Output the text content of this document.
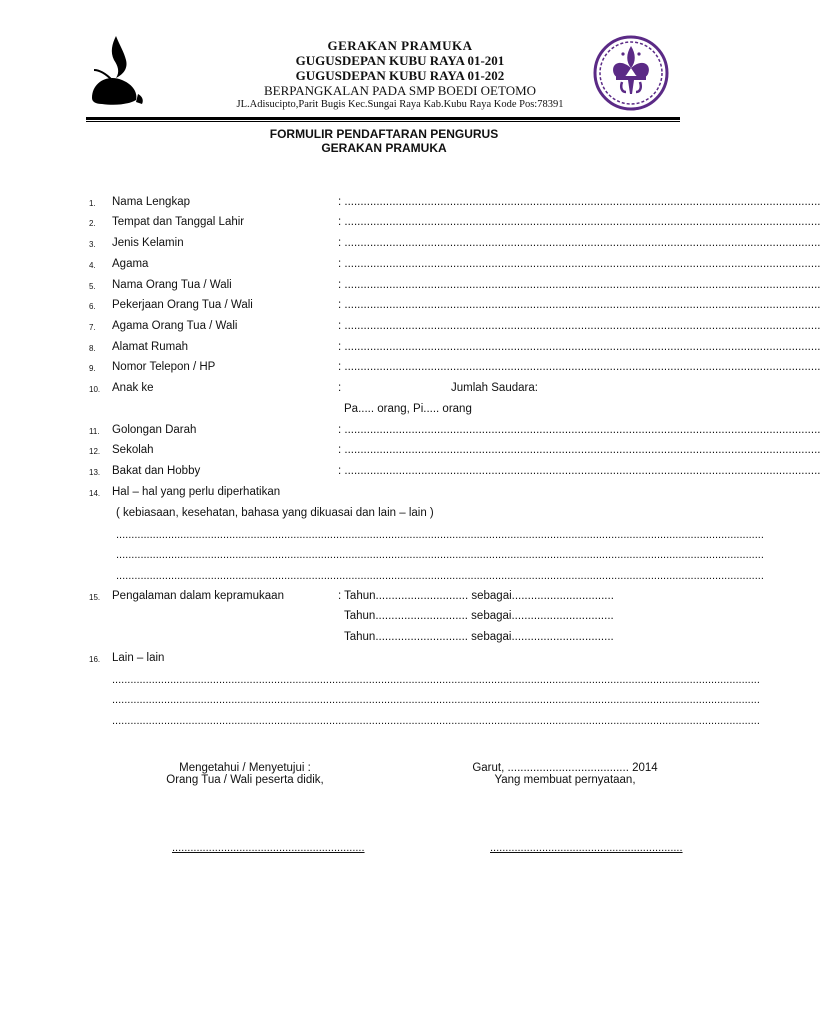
GERAKAN PRAMUKA
GUGUSDEPAN KUBU RAYA 01-201
GUGUSDEPAN KUBU RAYA 01-202
BERPANGKALAN PADA SMP BOEDI OETOMO
JL.Adisucipto,Parit Bugis Kec.Sungai Raya Kab.Kubu Raya Kode Pos:78391
FORMULIR PENDAFTARAN PENGURUS
GERAKAN PRAMUKA
1. Nama Lengkap	: .....................................................................................................................................................
2. Tempat dan Tanggal Lahir	: .....................................................................................................................................................
3. Jenis Kelamin	: .....................................................................................................................................................
4. Agama	: .....................................................................................................................................................
5. Nama Orang Tua / Wali	: .....................................................................................................................................................
6. Pekerjaan Orang Tua / Wali	: .....................................................................................................................................................
7. Agama Orang Tua / Wali	: .....................................................................................................................................................
8. Alamat Rumah	: .....................................................................................................................................................
9. Nomor Telepon / HP	: .....................................................................................................................................................
10. Anak ke	:	Jumlah Saudara:
Pa..... orang, Pi..... orang
11. Golongan Darah	: .....................................................................................................................................................
12. Sekolah	: .....................................................................................................................................................
13. Bakat dan Hobby	: .....................................................................................................................................................
14. Hal – hal yang perlu diperhatikan
( kebiasaan, kesehatan, bahasa yang dikuasai dan lain – lain )
....................................................................................................................................................................................................................
....................................................................................................................................................................................................................
....................................................................................................................................................................................................................
15. Pengalaman dalam kepramukaan	: Tahun............................. sebagai................................
Tahun............................. sebagai................................
Tahun............................. sebagai................................
16. Lain – lain
....................................................................................................................................................................................................................
....................................................................................................................................................................................................................
....................................................................................................................................................................................................................
Mengetahui / Menyetujui :
Orang Tua / Wali peserta didik,
Garut, ...................................... 2014
Yang membuat pernyataan,
...............................................................	...............................................................
